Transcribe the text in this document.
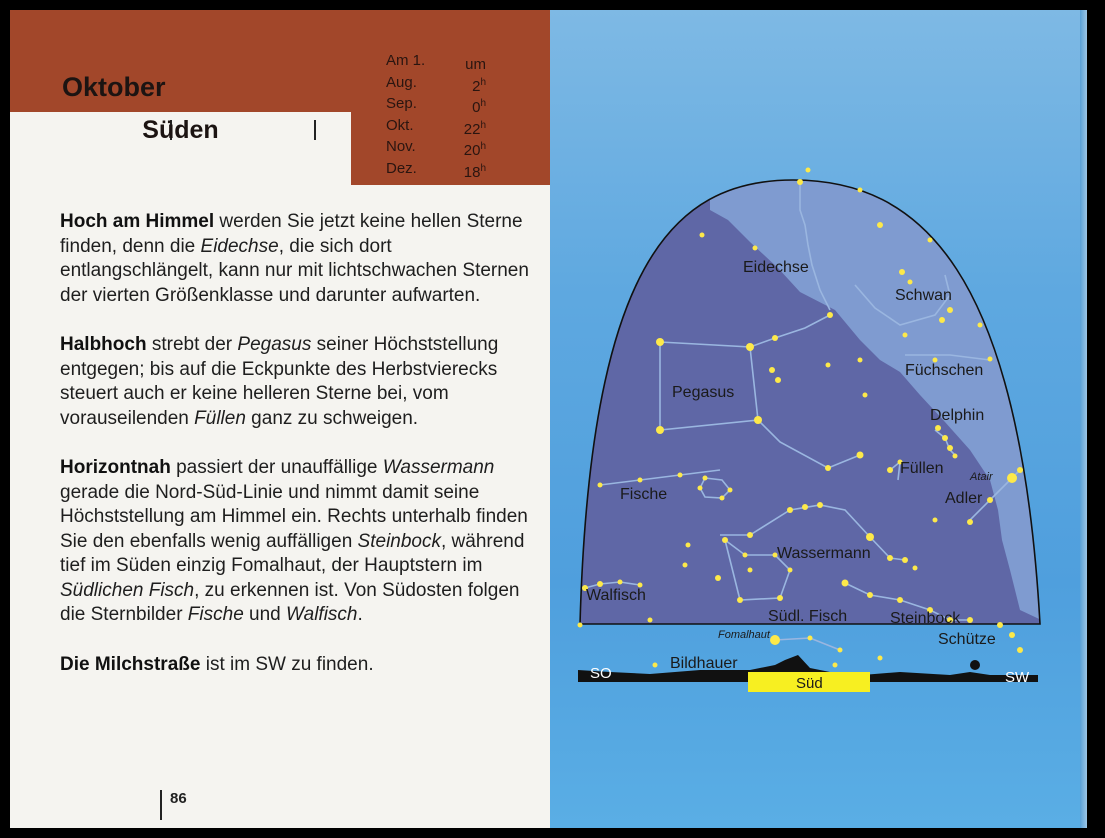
Oktober
Am 1.	um
Aug.	2$^h$
Sep.	0$^h$
Okt.	22$^h$
Nov.	20$^h$
Dez.	18$^h$
Süden

Hoch am Himmel werden Sie jetzt keine hellen Sterne finden, denn die Eidechse, die sich dort entlangschlängelt, kann nur mit lichtschwachen Sternen der vierten Größenklasse und darunter aufwarten.

Halbhoch strebt der Pegasus seiner Höchststellung entgegen; bis auf die Eckpunkte des Herbstvierecks steuert auch er keine helleren Sterne bei, vom vorauseilenden Füllen ganz zu schweigen.

Horizontnah passiert der unauffällige Wassermann gerade die Nord-Süd-Linie und nimmt damit seine Höchststellung am Himmel ein. Rechts unterhalb finden Sie den ebenfalls wenig auffälligen Steinbock, während tief im Süden einzig Fomalhaut, der Hauptstern im Südlichen Fisch, zu erkennen ist. Von Südosten folgen die Sternbilder Fische und Walfisch.

Die Milchstraße ist im SW zu finden.

86
Eidechse
Schwan
Füchschen
Pegasus
Delphin
Füllen
Adler
Fische
Wassermann
Walfisch
Südl. Fisch	Steinbock
Schütze
Bildhauer
Atair
Fomalhaut
SO
Süd	SW
